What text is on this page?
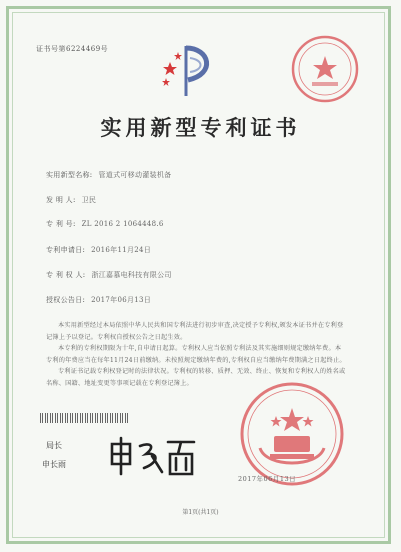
证书号第6224469号
实用新型专利证书
实用新型名称: 管道式可移动灌装机备
发 明 人: 卫民
专 利 号: ZL 2016 2 1064448.6
专利申请日: 2016年11月24日
专 利 权 人: 浙江嘉慕电科技有限公司
授权公告日: 2017年06月13日

本实用新型经过本局依照中华人民共和国专利法进行初步审查,决定授予专利权,颁发本证书并在专利登记簿上予以登记。专利权自授权公告之日起生效。

本专利的专利权期限为十年,自申请日起算。专利权人应当依照专利法及其实施细则规定缴纳年费。本专利的年费应当在每年11月24日前缴纳。未按照规定缴纳年费的,专利权自应当缴纳年费期满之日起终止。

专利证书记载专利权登记时的法律状况。专利权的转移、质押、无效、终止、恢复和专利权人的姓名或名称、国籍、地址变更等事项记载在专利登记簿上。

局长
申长雨
2017年06月13日
第1页(共1页)
